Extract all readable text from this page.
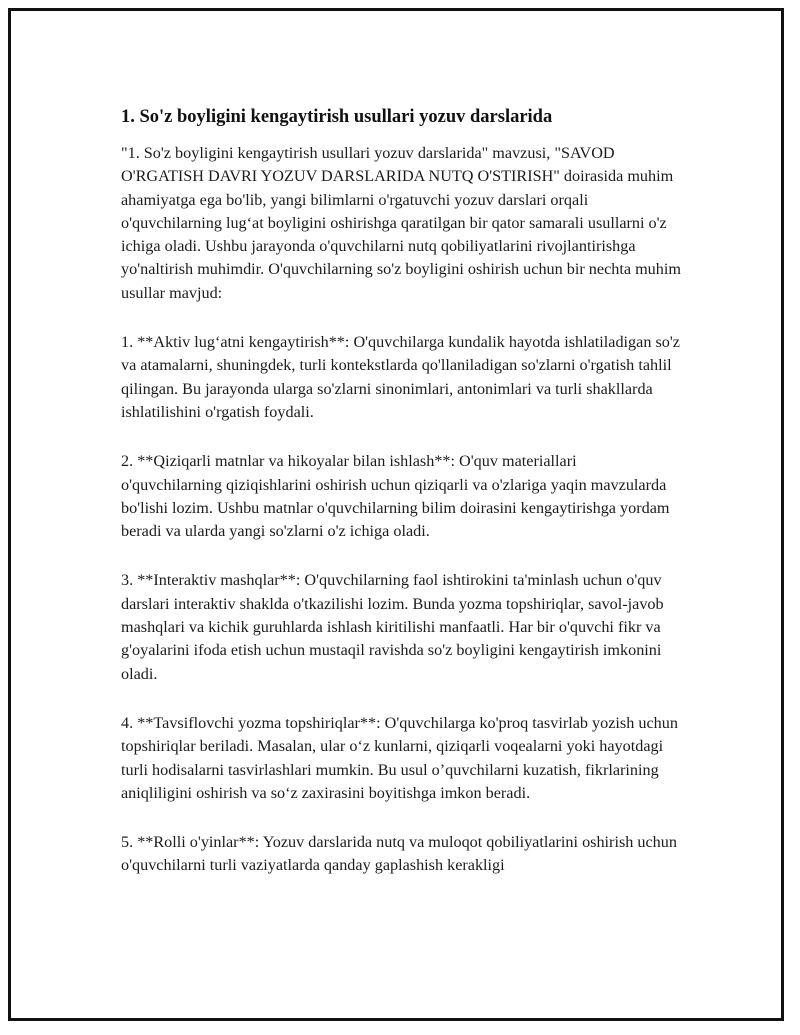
1. So'z boyligini kengaytirish usullari yozuv darslarida

"1. So'z boyligini kengaytirish usullari yozuv darslarida" mavzusi, "SAVOD O'RGATISH DAVRI YOZUV DARSLARIDA NUTQ O'STIRISH" doirasida muhim ahamiyatga ega bo'lib, yangi bilimlarni o'rgatuvchi yozuv darslari orqali o'quvchilarning lug‘at boyligini oshirishga qaratilgan bir qator samarali usullarni o'z ichiga oladi. Ushbu jarayonda o'quvchilarni nutq qobiliyatlarini rivojlantirishga yo'naltirish muhimdir. O'quvchilarning so'z boyligini oshirish uchun bir nechta muhim usullar mavjud:

1. **Aktiv lug‘atni kengaytirish**: O'quvchilarga kundalik hayotda ishlatiladigan so'z va atamalarni, shuningdek, turli kontekstlarda qo'llaniladigan so'zlarni o'rgatish tahlil qilingan. Bu jarayonda ularga so'zlarni sinonimlari, antonimlari va turli shakllarda ishlatilishini o'rgatish foydali.

2. **Qiziqarli matnlar va hikoyalar bilan ishlash**: O'quv materiallari o'quvchilarning qiziqishlarini oshirish uchun qiziqarli va o'zlariga yaqin mavzularda bo'lishi lozim. Ushbu matnlar o'quvchilarning bilim doirasini kengaytirishga yordam beradi va ularda yangi so'zlarni o'z ichiga oladi.

3. **Interaktiv mashqlar**: O'quvchilarning faol ishtirokini ta'minlash uchun o'quv darslari interaktiv shaklda o'tkazilishi lozim. Bunda yozma topshiriqlar, savol-javob mashqlari va kichik guruhlarda ishlash kiritilishi manfaatli. Har bir o'quvchi fikr va g'oyalarini ifoda etish uchun mustaqil ravishda so'z boyligini kengaytirish imkonini oladi.

4. **Tavsiflovchi yozma topshiriqlar**: O'quvchilarga ko'proq tasvirlab yozish uchun topshiriqlar beriladi. Masalan, ular o‘z kunlarni, qiziqarli voqealarni yoki hayotdagi turli hodisalarni tasvirlashlari mumkin. Bu usul o’quvchilarni kuzatish, fikrlarining aniqliligini oshirish va so‘z zaxirasini boyitishga imkon beradi.

5. **Rolli o'yinlar**: Yozuv darslarida nutq va muloqot qobiliyatlarini oshirish uchun o'quvchilarni turli vaziyatlarda qanday gaplashish kerakligi
